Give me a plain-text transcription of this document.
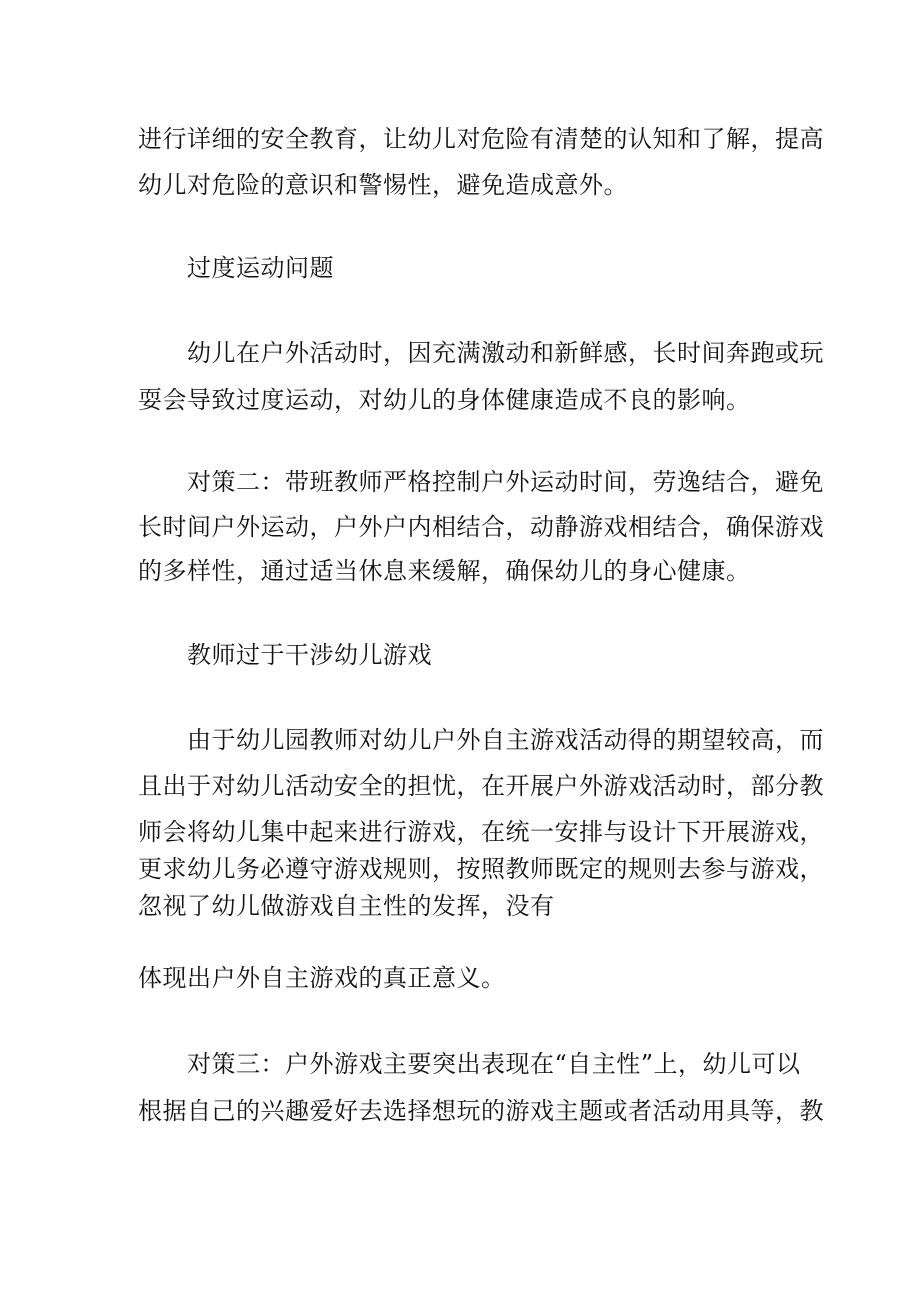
进行详细的安全教育，让幼儿对危险有清楚的认知和了解，提高
幼儿对危险的意识和警惕性，避免造成意外。
过度运动问题
幼儿在户外活动时，因充满激动和新鲜感，长时间奔跑或玩
耍会导致过度运动，对幼儿的身体健康造成不良的影响。
对策二：带班教师严格控制户外运动时间，劳逸结合，避免
长时间户外运动，户外户内相结合，动静游戏相结合，确保游戏
的多样性，通过适当休息来缓解，确保幼儿的身心健康。
教师过于干涉幼儿游戏
由于幼儿园教师对幼儿户外自主游戏活动得的期望较高，而
且出于对幼儿活动安全的担忧，在开展户外游戏活动时，部分教
师会将幼儿集中起来进行游戏，在统一安排与设计下开展游戏，
更求幼儿务必遵守游戏规则，按照教师既定的规则去参与游戏，
忽视了幼儿做游戏自主性的发挥，没有
体现出户外自主游戏的真正意义。
对策三：户外游戏主要突出表现在“自主性”上，幼儿可以
根据自己的兴趣爱好去选择想玩的游戏主题或者活动用具等，教
